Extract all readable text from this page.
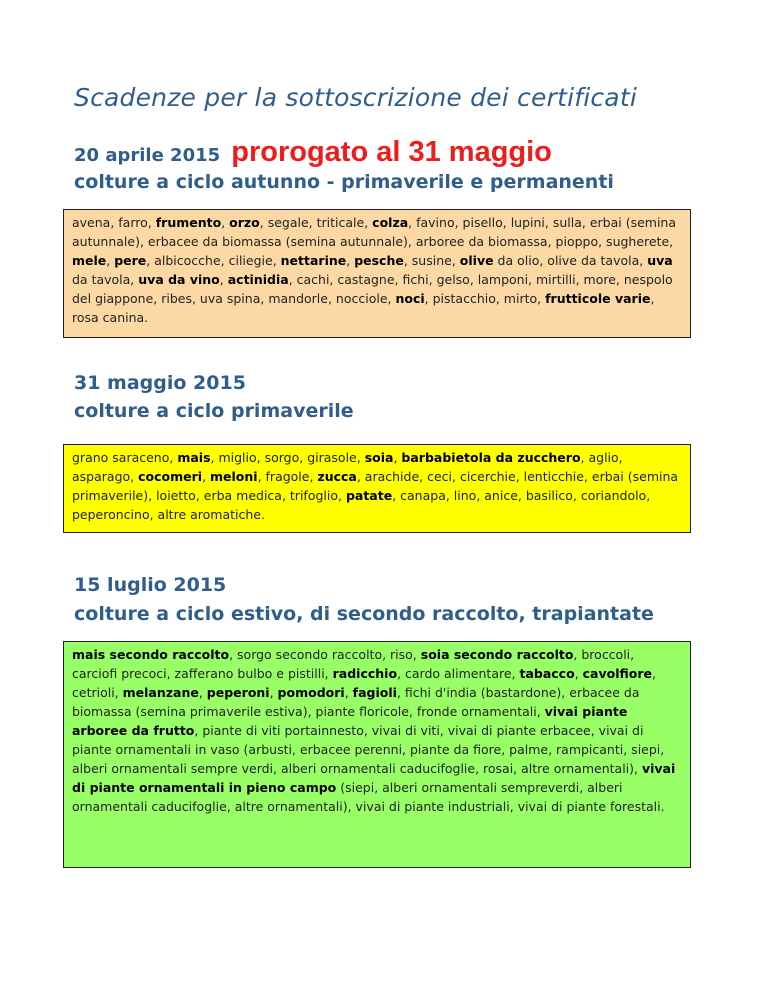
Scadenze per la sottoscrizione dei certificati
20 aprile 2015 prorogato al 31 maggio

colture a ciclo autunno - primaverile e permanenti

avena, farro, frumento, orzo, segale, triticale, colza, favino, pisello, lupini, sulla, erbai (semina autunnale), erbacee da biomassa (semina autunnale), arboree da biomassa, pioppo, sugherete, mele, pere, albicocche, ciliegie, nettarine, pesche, susine, olive da olio, olive da tavola, uva da tavola, uva da vino, actinidia, cachi, castagne, fichi, gelso, lamponi, mirtilli, more, nespolo del giappone, ribes, uva spina, mandorle, nocciole, noci, pistacchio, mirto, frutticole varie, rosa canina.

31 maggio 2015

colture a ciclo primaverile

grano saraceno, mais, miglio, sorgo, girasole, soia, barbabietola da zucchero, aglio, asparago, cocomeri, meloni, fragole, zucca, arachide, ceci, cicerchie, lenticchie, erbai (semina primaverile), loietto, erba medica, trifoglio, patate, canapa, lino, anice, basilico, coriandolo, peperoncino, altre aromatiche.

15 luglio 2015

colture a ciclo estivo, di secondo raccolto, trapiantate

mais secondo raccolto, sorgo secondo raccolto, riso, soia secondo raccolto, broccoli, carciofi precoci, zafferano bulbo e pistilli, radicchio, cardo alimentare, tabacco, cavolfiore, cetrioli, melanzane, peperoni, pomodori, fagioli, fichi d'india (bastardone), erbacee da biomassa (semina primaverile estiva), piante floricole, fronde ornamentali, vivai piante arboree da frutto, piante di viti portainnesto, vivai di viti, vivai di piante erbacee, vivai di piante ornamentali in vaso (arbusti, erbacee perenni, piante da fiore, palme, rampicanti, siepi, alberi ornamentali sempre verdi, alberi ornamentali caducifoglie, rosai, altre ornamentali), vivai di piante ornamentali in pieno campo (siepi, alberi ornamentali sempreverdi, alberi ornamentali caducifoglie, altre ornamentali), vivai di piante industriali, vivai di piante forestali.
